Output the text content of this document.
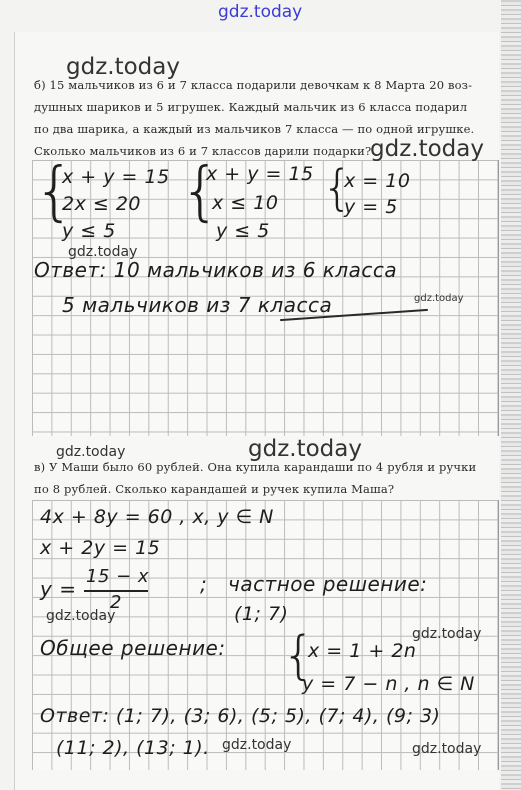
gdz.today
б) 15 мальчиков из 6 и 7 класса подарили девочкам к 8 Марта 20 воз-
душных шариков и 5 игрушек. Каждый мальчик из 6 класса подарил
по два шарика, а каждый из мальчиков 7 класса — по одной игрушке.
Сколько мальчиков из 6 и 7 классов дарили подарки?
{
x + y = 15
2x ≤ 20
y ≤ 5
{
x + y = 15
x ≤ 10
y ≤ 5
{
x = 10
y = 5
Ответ: 10 мальчиков из 6 класса
5 мальчиков из 7 класса
в) У Маши было 60 рублей. Она купила карандаши по 4 рубля и ручки
по 8 рублей. Сколько карандашей и ручек купила Маша?
4x + 8y = 60 , x, y ∈ N
x + 2y = 15
y =
15 − x
2
; частное решение:
(1; 7)
Общее решение: {
x = 1 + 2n
y = 7 − n , n ∈ N
Ответ: (1; 7), (3; 6), (5; 5), (7; 4), (9; 3)
(11; 2), (13; 1).
gdz.today
gdz.today
gdz.today
gdz.today
gdz.today	gdz.today
gdz.today
gdz.today
gdz.today	gdz.today
